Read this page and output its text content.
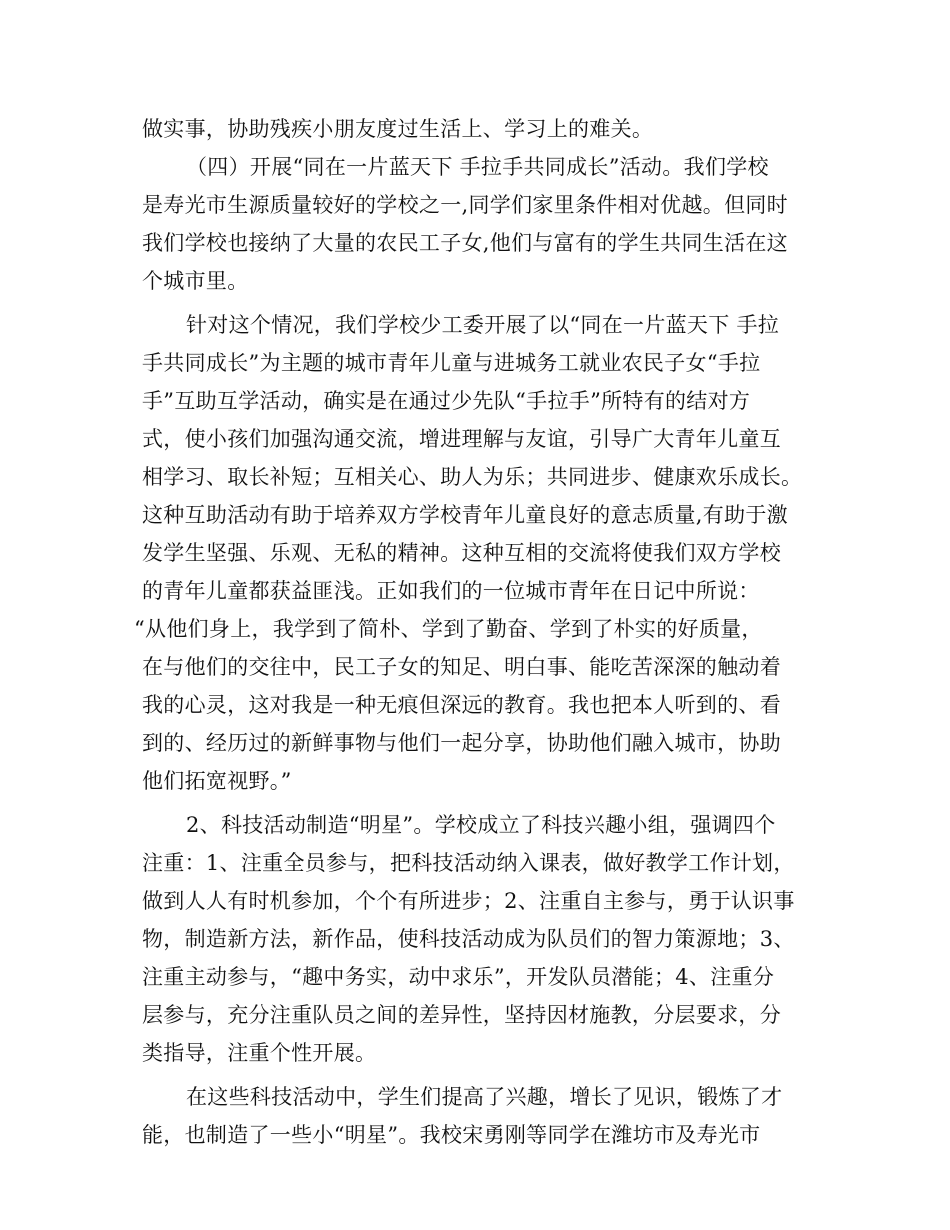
做实事，协助残疾小朋友度过生活上、学习上的难关。
（四）开展“同在一片蓝天下 手拉手共同成长”活动。我们学校
是寿光市生源质量较好的学校之一,同学们家里条件相对优越。但同时
我们学校也接纳了大量的农民工子女,他们与富有的学生共同生活在这
个城市里。
针对这个情况，我们学校少工委开展了以“同在一片蓝天下 手拉
手共同成长”为主题的城市青年儿童与进城务工就业农民子女“手拉
手”互助互学活动，确实是在通过少先队“手拉手”所特有的结对方
式，使小孩们加强沟通交流，增进理解与友谊，引导广大青年儿童互
相学习、取长补短；互相关心、助人为乐；共同进步、健康欢乐成长。
这种互助活动有助于培养双方学校青年儿童良好的意志质量,有助于激
发学生坚强、乐观、无私的精神。这种互相的交流将使我们双方学校
的青年儿童都获益匪浅。正如我们的一位城市青年在日记中所说：
“从他们身上，我学到了简朴、学到了勤奋、学到了朴实的好质量，
在与他们的交往中，民工子女的知足、明白事、能吃苦深深的触动着
我的心灵，这对我是一种无痕但深远的教育。我也把本人听到的、看
到的、经历过的新鲜事物与他们一起分享，协助他们融入城市，协助
他们拓宽视野。”
2、科技活动制造“明星”。学校成立了科技兴趣小组，强调四个
注重：1、注重全员参与，把科技活动纳入课表，做好教学工作计划，
做到人人有时机参加，个个有所进步；2、注重自主参与，勇于认识事
物，制造新方法，新作品，使科技活动成为队员们的智力策源地；3、
注重主动参与，“趣中务实，动中求乐”，开发队员潜能；4、注重分
层参与，充分注重队员之间的差异性，坚持因材施教，分层要求，分
类指导，注重个性开展。
在这些科技活动中，学生们提高了兴趣，增长了见识，锻炼了才
能，也制造了一些小“明星”。我校宋勇刚等同学在潍坊市及寿光市
